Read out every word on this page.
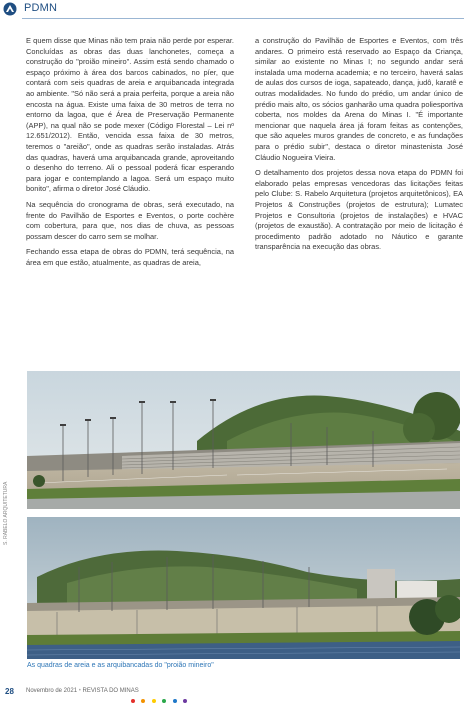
PDMN

E quem disse que Minas não tem praia não perde por esperar. Concluídas as obras das duas lanchonetes, começa a construção do "proião mineiro". Assim está sendo chamado o espaço próximo à área dos barcos cabinados, no píer, que contará com seis quadras de areia e arquibancada integrada ao ambiente. "Só não será a praia perfeita, porque a areia não encosta na água. Existe uma faixa de 30 metros de terra no entorno da lagoa, que é Área de Preservação Permanente (APP), na qual não se pode mexer (Código Florestal – Lei nº 12.651/2012). Então, vencida essa faixa de 30 metros, teremos o "areião", onde as quadras serão instaladas. Atrás das quadras, haverá uma arquibancada grande, aproveitando o desenho do terreno. Ali o pessoal poderá ficar esperando para jogar e contemplando a lagoa. Será um espaço muito bonito", afirma o diretor José Cláudio.

Na sequência do cronograma de obras, será executado, na frente do Pavilhão de Esportes e Eventos, o porte cochère com cobertura, para que, nos dias de chuva, as pessoas possam descer do carro sem se molhar.

Fechando essa etapa de obras do PDMN, terá sequência, na área em que estão, atualmente, as quadras de areia,

a construção do Pavilhão de Esportes e Eventos, com três andares. O primeiro está reservado ao Espaço da Criança, similar ao existente no Minas I; no segundo andar será instalada uma moderna academia; e no terceiro, haverá salas de aulas dos cursos de ioga, sapateado, dança, judô, karatê e outras modalidades. No fundo do prédio, um andar único de prédio mais alto, os sócios ganharão uma quadra poliesportiva coberta, nos moldes da Arena do Minas I. "É importante mencionar que naquela área já foram feitas as contenções, que são aqueles muros grandes de concreto, e as fundações para o prédio subir", destaca o diretor minastenista José Cláudio Nogueira Vieira.

O detalhamento dos projetos dessa nova etapa do PDMN foi elaborado pelas empresas vencedoras das licitações feitas pelo Clube: S. Rabelo Arquitetura (projetos arquitetônicos), EA Projetos & Construções (projetos de estrutura); Lumatec Projetos e Consultoria (projetos de instalações) e HVAC (projetos de exaustão). A contratação por meio de licitação é procedimento padrão adotado no Náutico e garante transparência na execução das obras.

S. RABELO ARQUITETURA
As quadras de areia e as arquibancadas do "proião mineiro"
28 Novembro de 2021 • REVISTA DO MINAS
